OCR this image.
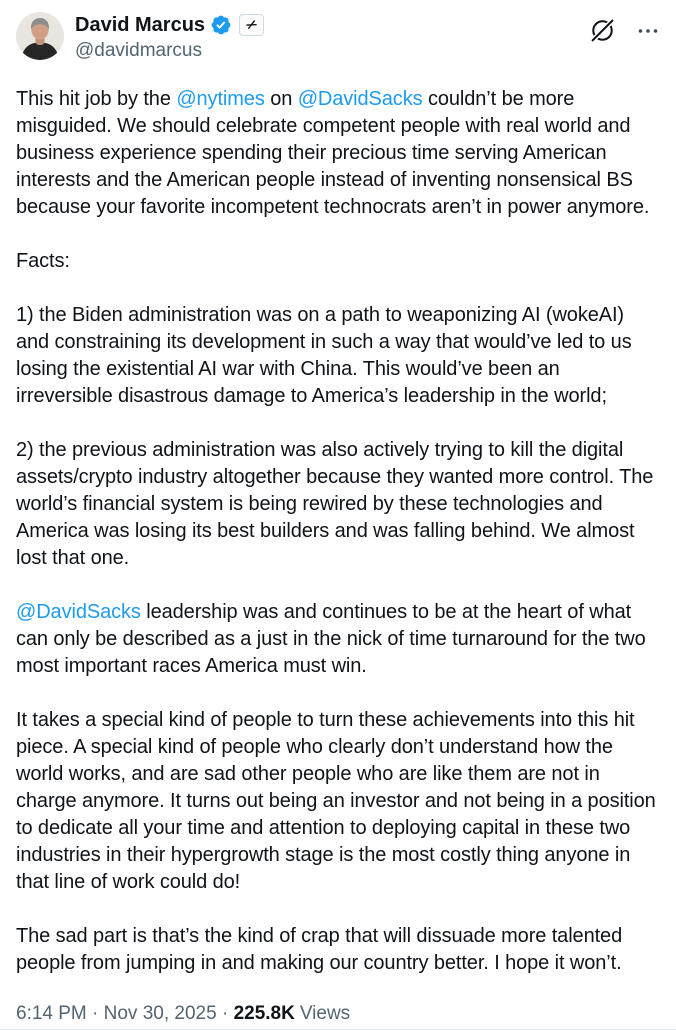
David Marcus
@davidmarcus

This hit job by the @nytimes on @DavidSacks couldn’t be more misguided. We should celebrate competent people with real world and business experience spending their precious time serving American interests and the American people instead of inventing nonsensical BS because your favorite incompetent technocrats aren’t in power anymore.

Facts:

1) the Biden administration was on a path to weaponizing AI (wokeAI) and constraining its development in such a way that would’ve led to us losing the existential AI war with China. This would’ve been an irreversible disastrous damage to America’s leadership in the world;

2) the previous administration was also actively trying to kill the digital assets/crypto industry altogether because they wanted more control. The world’s financial system is being rewired by these technologies and America was losing its best builders and was falling behind. We almost lost that one.

@DavidSacks leadership was and continues to be at the heart of what can only be described as a just in the nick of time turnaround for the two most important races America must win.

It takes a special kind of people to turn these achievements into this hit piece. A special kind of people who clearly don’t understand how the world works, and are sad other people who are like them are not in charge anymore. It turns out being an investor and not being in a position to dedicate all your time and attention to deploying capital in these two industries in their hypergrowth stage is the most costly thing anyone in that line of work could do!

The sad part is that’s the kind of crap that will dissuade more talented people from jumping in and making our country better. I hope it won’t.

6:14 PM · Nov 30, 2025 · 225.8K Views
